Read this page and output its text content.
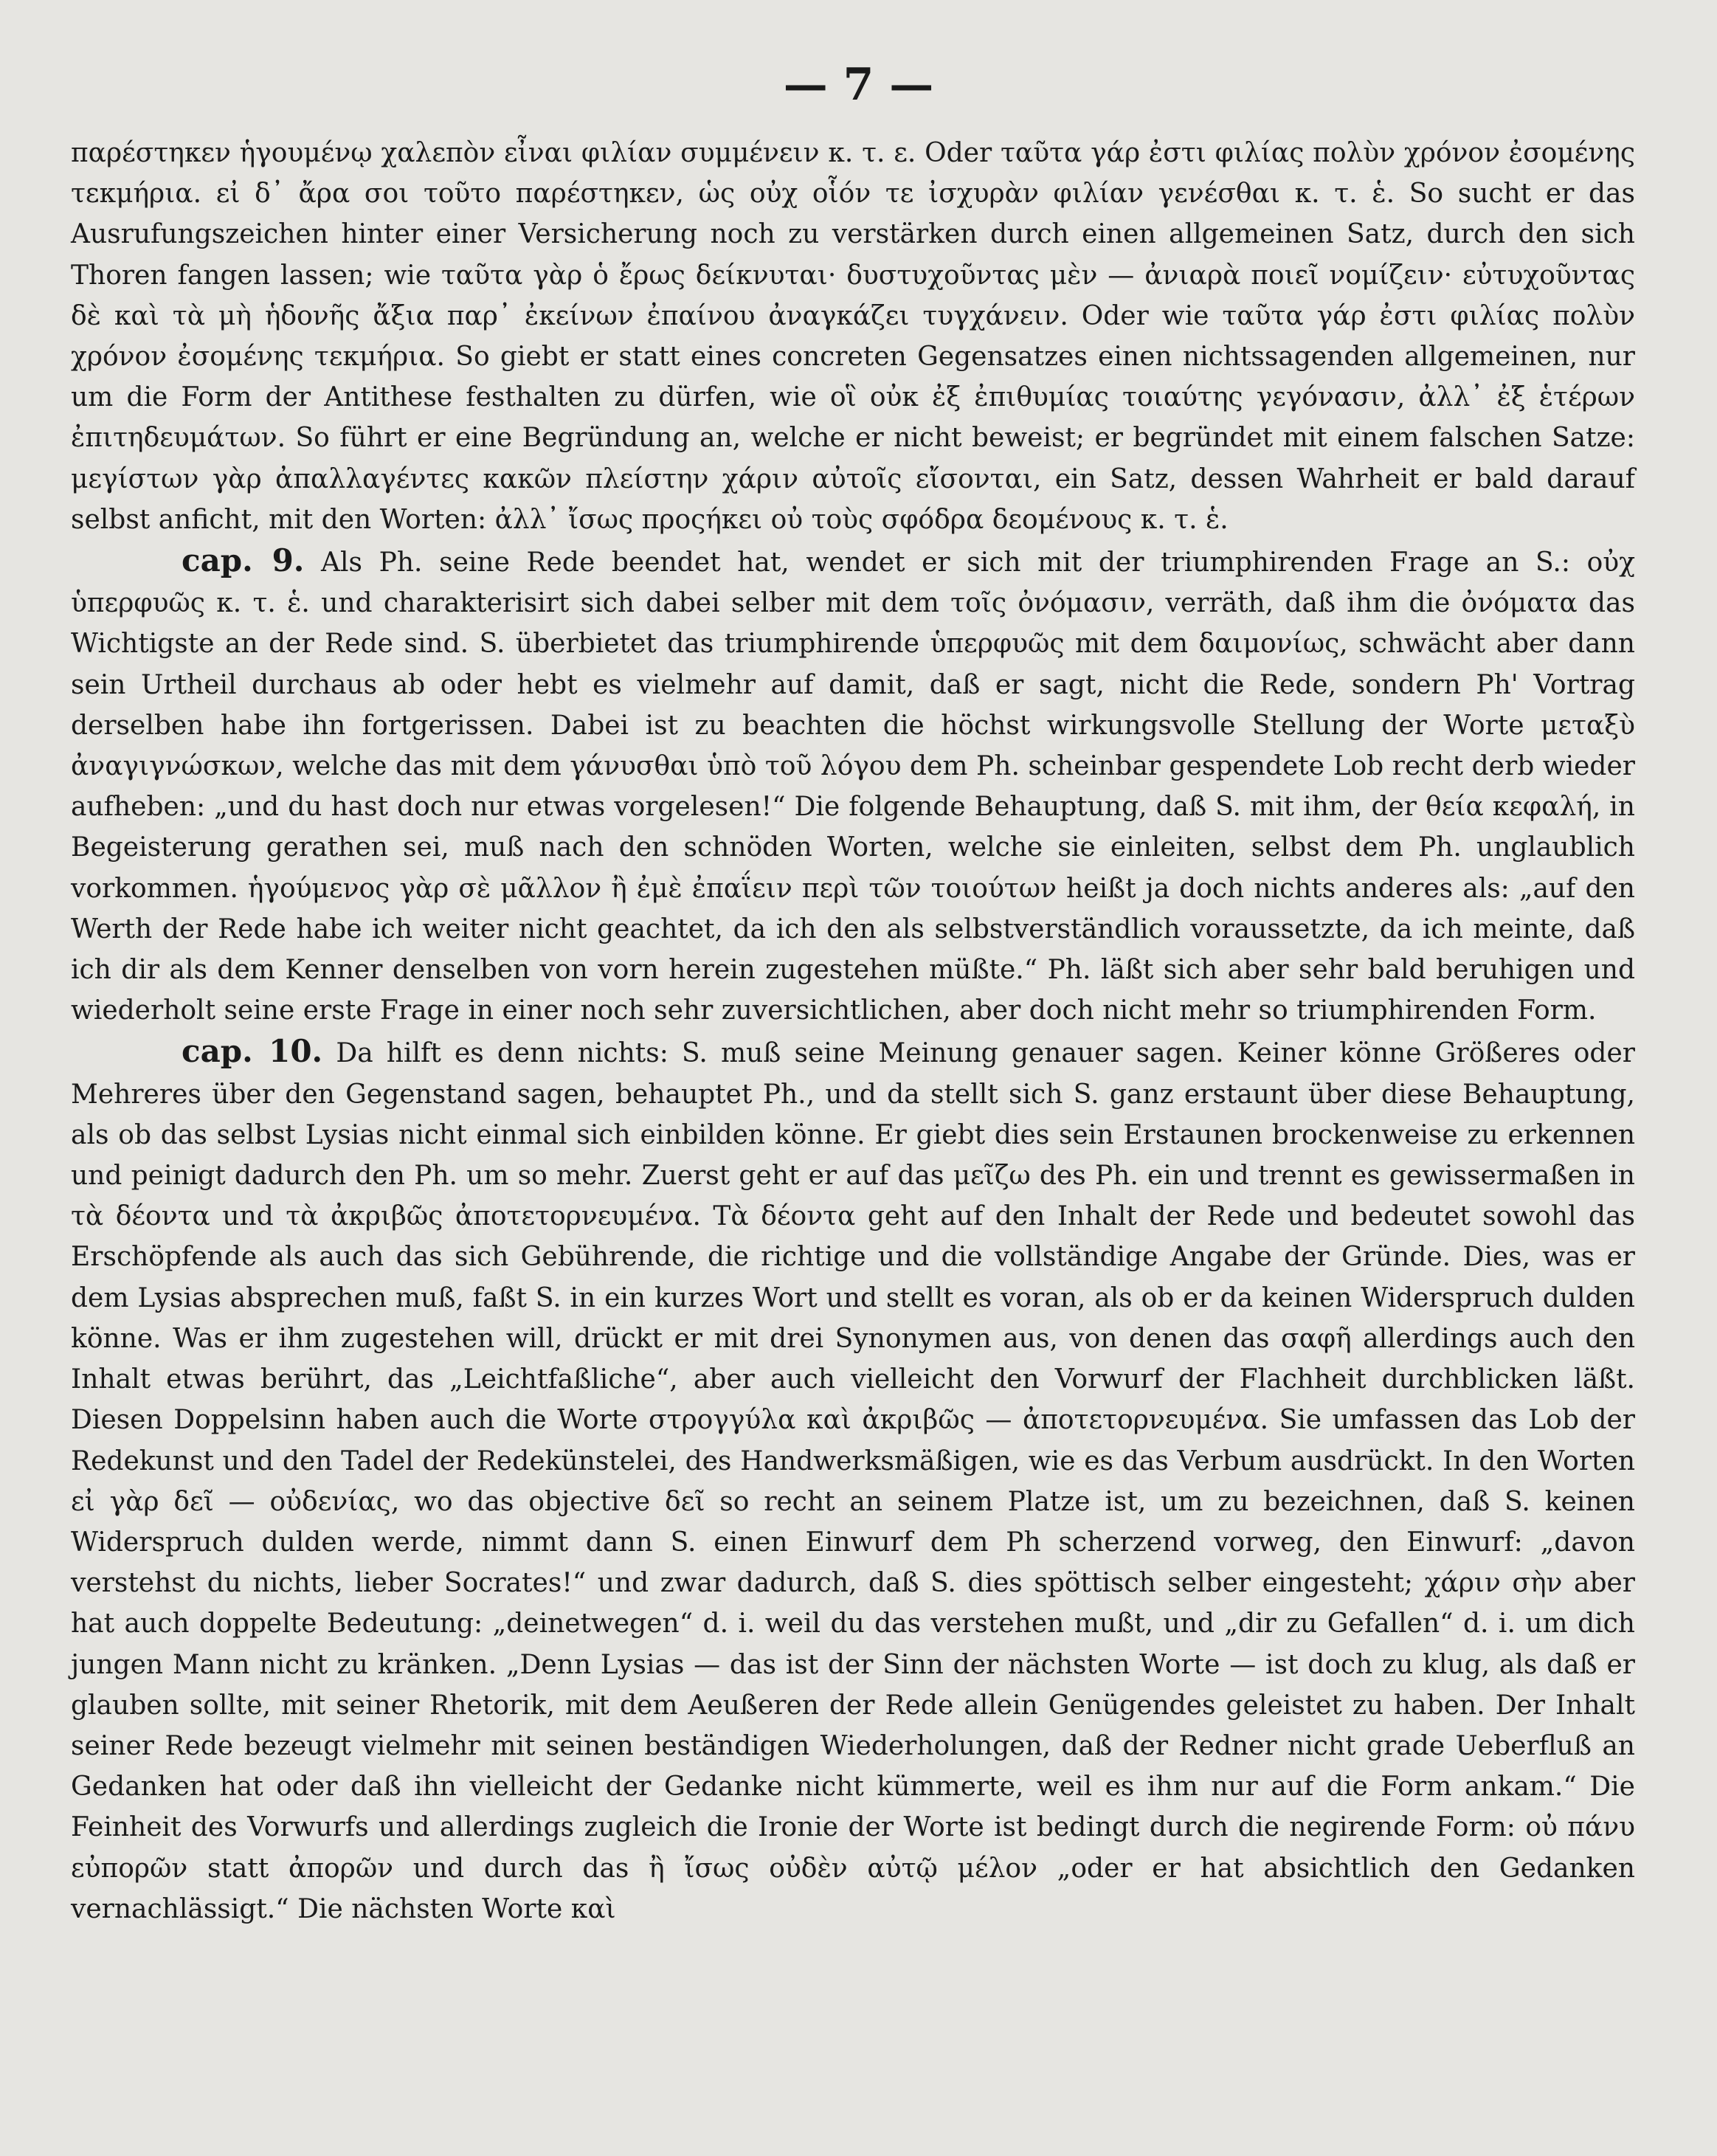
— 7 —

παρέστηκεν ἡγουμένῳ χαλεπὸν εἶναι φιλίαν συμμένειν κ. τ. ε. Oder ταῦτα γάρ ἐστι φιλίας πολὺν χρόνον ἐσομένης τεκμήρια. εἰ δ᾽ ἄρα σοι τοῦτο παρέστηκεν, ὡς οὐχ οἷόν τε ἰσχυρὰν φιλίαν γενέσθαι κ. τ. ἑ. So sucht er das Ausrufungszeichen hinter einer Versicherung noch zu verstärken durch einen allgemeinen Satz, durch den sich Thoren fangen lassen; wie ταῦτα γὰρ ὁ ἔρως δείκνυται· δυστυχοῦντας μὲν — ἀνιαρὰ ποιεῖ νομίζειν· εὐτυχοῦντας δὲ καὶ τὰ μὴ ἡδονῆς ἄξια παρ᾽ ἐκείνων ἐπαίνου ἀναγκάζει τυγχάνειν. Oder wie ταῦτα γάρ ἐστι φιλίας πολὺν χρόνον ἐσομένης τεκμήρια. So giebt er statt eines concreten Gegensatzes einen nichtssagenden allgemeinen, nur um die Form der Antithese festhalten zu dürfen, wie οἳ οὐκ ἐξ ἐπιθυμίας τοιαύτης γεγόνασιν, ἀλλ᾽ ἐξ ἑτέρων ἐπιτηδευμάτων. So führt er eine Begründung an, welche er nicht beweist; er begründet mit einem falschen Satze: μεγίστων γὰρ ἀπαλλαγέντες κακῶν πλείστην χάριν αὐτοῖς εἴσονται, ein Satz, dessen Wahrheit er bald darauf selbst anficht, mit den Worten: ἀλλ᾽ ἴσως προςήκει οὐ τοὺς σφόδρα δεομένους κ. τ. ἑ.

cap. 9. Als Ph. seine Rede beendet hat, wendet er sich mit der triumphirenden Frage an S.: οὐχ ὑπερφυῶς κ. τ. ἑ. und charakterisirt sich dabei selber mit dem τοῖς ὀνόμασιν, verräth, daß ihm die ὀνόματα das Wichtigste an der Rede sind. S. überbietet das triumphirende ὑπερφυῶς mit dem δαιμονίως, schwächt aber dann sein Urtheil durchaus ab oder hebt es vielmehr auf damit, daß er sagt, nicht die Rede, sondern Ph' Vortrag derselben habe ihn fortgerissen. Dabei ist zu beachten die höchst wirkungsvolle Stellung der Worte μεταξὺ ἀναγιγνώσκων, welche das mit dem γάνυσθαι ὑπὸ τοῦ λόγου dem Ph. scheinbar gespendete Lob recht derb wieder aufheben: „und du hast doch nur etwas vorgelesen!“ Die folgende Behauptung, daß S. mit ihm, der θεία κεφαλή, in Begeisterung gerathen sei, muß nach den schnöden Worten, welche sie einleiten, selbst dem Ph. unglaublich vorkommen. ἡγούμενος γὰρ σὲ μᾶλλον ἢ ἐμὲ ἐπαΐειν περὶ τῶν τοιούτων heißt ja doch nichts anderes als: „auf den Werth der Rede habe ich weiter nicht geachtet, da ich den als selbstverständlich voraussetzte, da ich meinte, daß ich dir als dem Kenner denselben von vorn herein zugestehen müßte.“ Ph. läßt sich aber sehr bald beruhigen und wiederholt seine erste Frage in einer noch sehr zuversichtlichen, aber doch nicht mehr so triumphirenden Form.

cap. 10. Da hilft es denn nichts: S. muß seine Meinung genauer sagen. Keiner könne Größeres oder Mehreres über den Gegenstand sagen, behauptet Ph., und da stellt sich S. ganz erstaunt über diese Behauptung, als ob das selbst Lysias nicht einmal sich einbilden könne. Er giebt dies sein Erstaunen brockenweise zu erkennen und peinigt dadurch den Ph. um so mehr. Zuerst geht er auf das μεῖζω des Ph. ein und trennt es gewissermaßen in τὰ δέοντα und τὰ ἀκριβῶς ἀποτετορνευμένα. Τὰ δέοντα geht auf den Inhalt der Rede und bedeutet sowohl das Erschöpfende als auch das sich Gebührende, die richtige und die vollständige Angabe der Gründe. Dies, was er dem Lysias absprechen muß, faßt S. in ein kurzes Wort und stellt es voran, als ob er da keinen Widerspruch dulden könne. Was er ihm zugestehen will, drückt er mit drei Synonymen aus, von denen das σαφῆ allerdings auch den Inhalt etwas berührt, das „Leichtfaßliche“, aber auch vielleicht den Vorwurf der Flachheit durchblicken läßt. Diesen Doppelsinn haben auch die Worte στρογγύλα καὶ ἀκριβῶς — ἀποτετορνευμένα. Sie umfassen das Lob der Redekunst und den Tadel der Redekünstelei, des Handwerksmäßigen, wie es das Verbum ausdrückt. In den Worten εἰ γὰρ δεῖ — οὐδενίας, wo das objective δεῖ so recht an seinem Platze ist, um zu bezeichnen, daß S. keinen Widerspruch dulden werde, nimmt dann S. einen Einwurf dem Ph scherzend vorweg, den Einwurf: „davon verstehst du nichts, lieber Socrates!“ und zwar dadurch, daß S. dies spöttisch selber eingesteht; χάριν σὴν aber hat auch doppelte Bedeutung: „deinetwegen“ d. i. weil du das verstehen mußt, und „dir zu Gefallen“ d. i. um dich jungen Mann nicht zu kränken. „Denn Lysias — das ist der Sinn der nächsten Worte — ist doch zu klug, als daß er glauben sollte, mit seiner Rhetorik, mit dem Aeußeren der Rede allein Genügendes geleistet zu haben. Der Inhalt seiner Rede bezeugt vielmehr mit seinen beständigen Wiederholungen, daß der Redner nicht grade Ueberfluß an Gedanken hat oder daß ihn vielleicht der Gedanke nicht kümmerte, weil es ihm nur auf die Form ankam.“ Die Feinheit des Vorwurfs und allerdings zugleich die Ironie der Worte ist bedingt durch die negirende Form: οὐ πάνυ εὐπορῶν statt ἀπορῶν und durch das ἢ ἴσως οὐδὲν αὐτῷ μέλον „oder er hat absichtlich den Gedanken vernachlässigt.“ Die nächsten Worte καὶ
